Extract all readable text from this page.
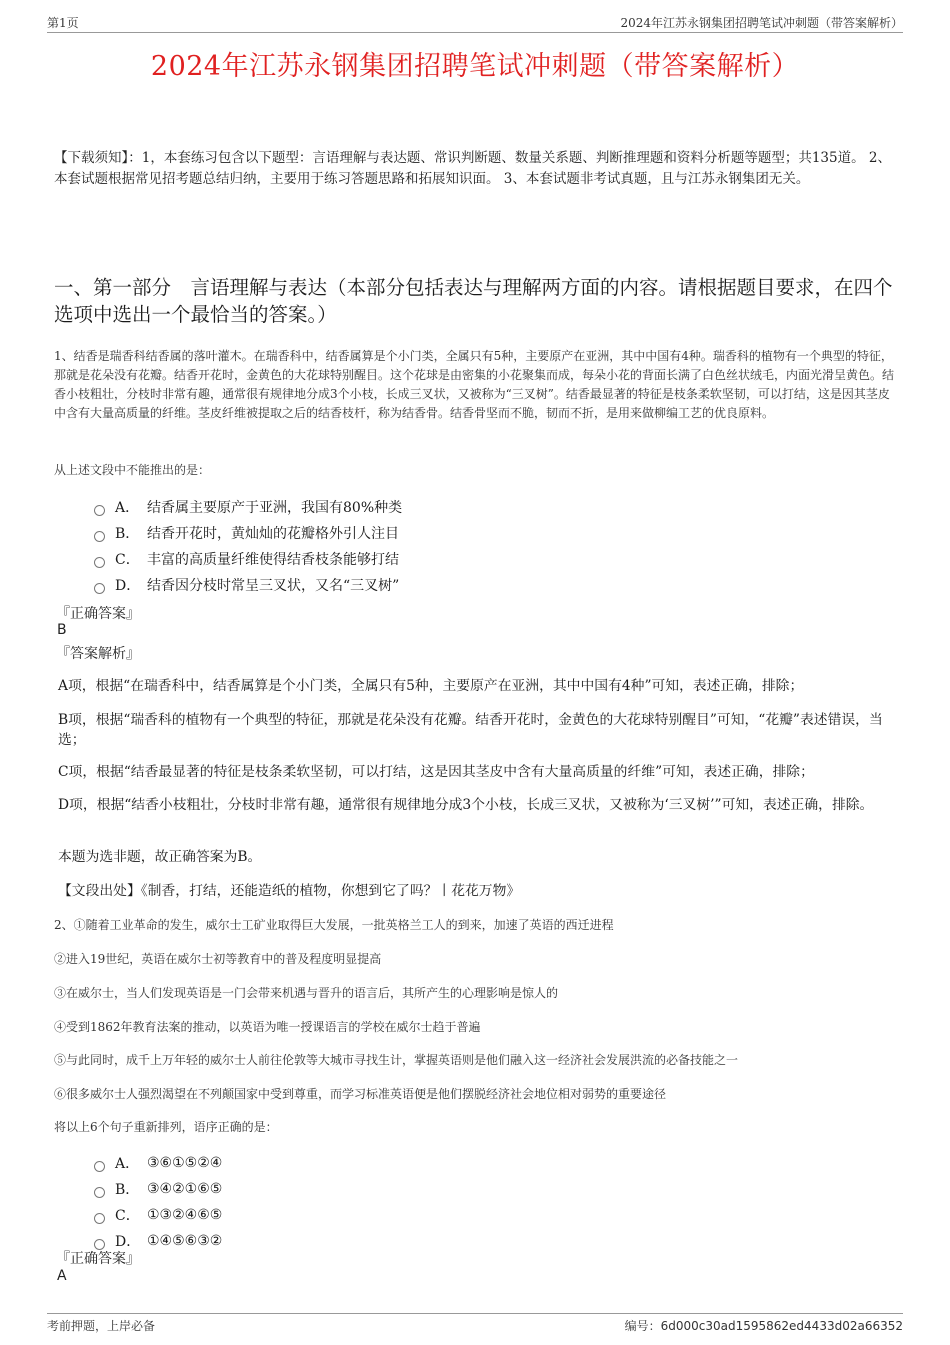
第1页	2024年江苏永钢集团招聘笔试冲刺题（带答案解析）
2024年江苏永钢集团招聘笔试冲刺题（带答案解析）
【下载须知】：1，本套练习包含以下题型：言语理解与表达题、常识判断题、数量关系题、判断推理题和资料分析题等题型；共135道。 2、本套试题根据常见招考题总结归纳，主要用于练习答题思路和拓展知识面。 3、本套试题非考试真题，且与江苏永钢集团无关。
一、第一部分　言语理解与表达（本部分包括表达与理解两方面的内容。请根据题目要求，在四个选项中选出一个最恰当的答案。）
1、结香是瑞香科结香属的落叶灌木。在瑞香科中，结香属算是个小门类，全属只有5种，主要原产在亚洲，其中中国有4种。瑞香科的植物有一个典型的特征，那就是花朵没有花瓣。结香开花时，金黄色的大花球特别醒目。这个花球是由密集的小花聚集而成，每朵小花的背面长满了白色丝状绒毛，内面光滑呈黄色。结香小枝粗壮，分枝时非常有趣，通常很有规律地分成3个小枝，长成三叉状，又被称为“三叉树”。结香最显著的特征是枝条柔软坚韧，可以打结，这是因其茎皮中含有大量高质量的纤维。茎皮纤维被提取之后的结香枝杆，称为结香骨。结香骨坚而不脆，韧而不折，是用来做柳编工艺的优良原料。
从上述文段中不能推出的是：
A． 结香属主要原产于亚洲，我国有80%种类
B． 结香开花时，黄灿灿的花瓣格外引人注目
C． 丰富的高质量纤维使得结香枝条能够打结
D． 结香因分枝时常呈三叉状，又名“三叉树”
『正确答案』
B
『答案解析』
A项，根据“在瑞香科中，结香属算是个小门类，全属只有5种，主要原产在亚洲，其中中国有4种”可知，表述正确，排除；
B项，根据“瑞香科的植物有一个典型的特征，那就是花朵没有花瓣。结香开花时，金黄色的大花球特别醒目”可知，“花瓣”表述错误，当选；
C项，根据“结香最显著的特征是枝条柔软坚韧，可以打结，这是因其茎皮中含有大量高质量的纤维”可知，表述正确，排除；
D项，根据“结香小枝粗壮，分枝时非常有趣，通常很有规律地分成3个小枝，长成三叉状，又被称为‘三叉树’”可知，表述正确，排除。
本题为选非题，故正确答案为B。
【文段出处】《制香，打结，还能造纸的植物，你想到它了吗？丨花花万物》
2、①随着工业革命的发生，威尔士工矿业取得巨大发展，一批英格兰工人的到来，加速了英语的西迁进程
②进入19世纪，英语在威尔士初等教育中的普及程度明显提高
③在威尔士，当人们发现英语是一门会带来机遇与晋升的语言后，其所产生的心理影响是惊人的
④受到1862年教育法案的推动，以英语为唯一授课语言的学校在威尔士趋于普遍
⑤与此同时，成千上万年轻的威尔士人前往伦敦等大城市寻找生计，掌握英语则是他们融入这一经济社会发展洪流的必备技能之一
⑥很多威尔士人强烈渴望在不列颠国家中受到尊重，而学习标准英语便是他们摆脱经济社会地位相对弱势的重要途径
将以上6个句子重新排列，语序正确的是：
A． ③⑥①⑤②④
B． ③④②①⑥⑤
C． ①③②④⑥⑤
D． ①④⑤⑥③②
『正确答案』
A
考前押题，上岸必备	编号：6d000c30ad1595862ed4433d02a66352
